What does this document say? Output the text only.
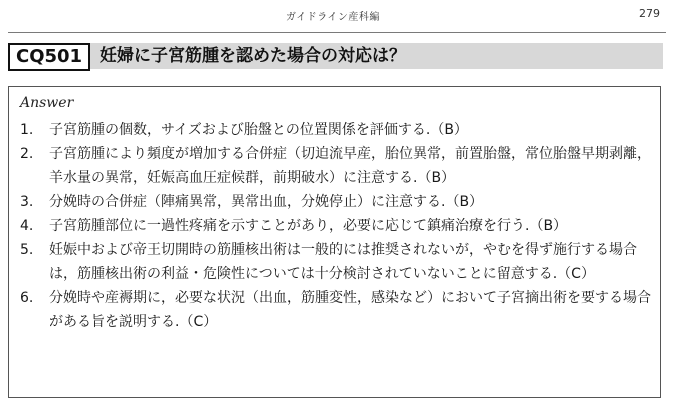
ガイドライン産科編	279
CQ501	妊婦に子宮筋腫を認めた場合の対応は？
Answer
1.	子宮筋腫の個数，サイズおよび胎盤との位置関係を評価する.（B）
2.	子宮筋腫により頻度が増加する合併症（切迫流早産，胎位異常，前置胎盤，常位胎盤早期剥離，羊水量の異常，妊娠高血圧症候群，前期破水）に注意する.（B）
3.	分娩時の合併症（陣痛異常，異常出血，分娩停止）に注意する.（B）
4.	子宮筋腫部位に一過性疼痛を示すことがあり，必要に応じて鎮痛治療を行う.（B）
5.	妊娠中および帝王切開時の筋腫核出術は一般的には推奨されないが，やむを得ず施行する場合は，筋腫核出術の利益・危険性については十分検討されていないことに留意する.（C）
6.	分娩時や産褥期に，必要な状況（出血，筋腫変性，感染など）において子宮摘出術を要する場合がある旨を説明する.（C）
